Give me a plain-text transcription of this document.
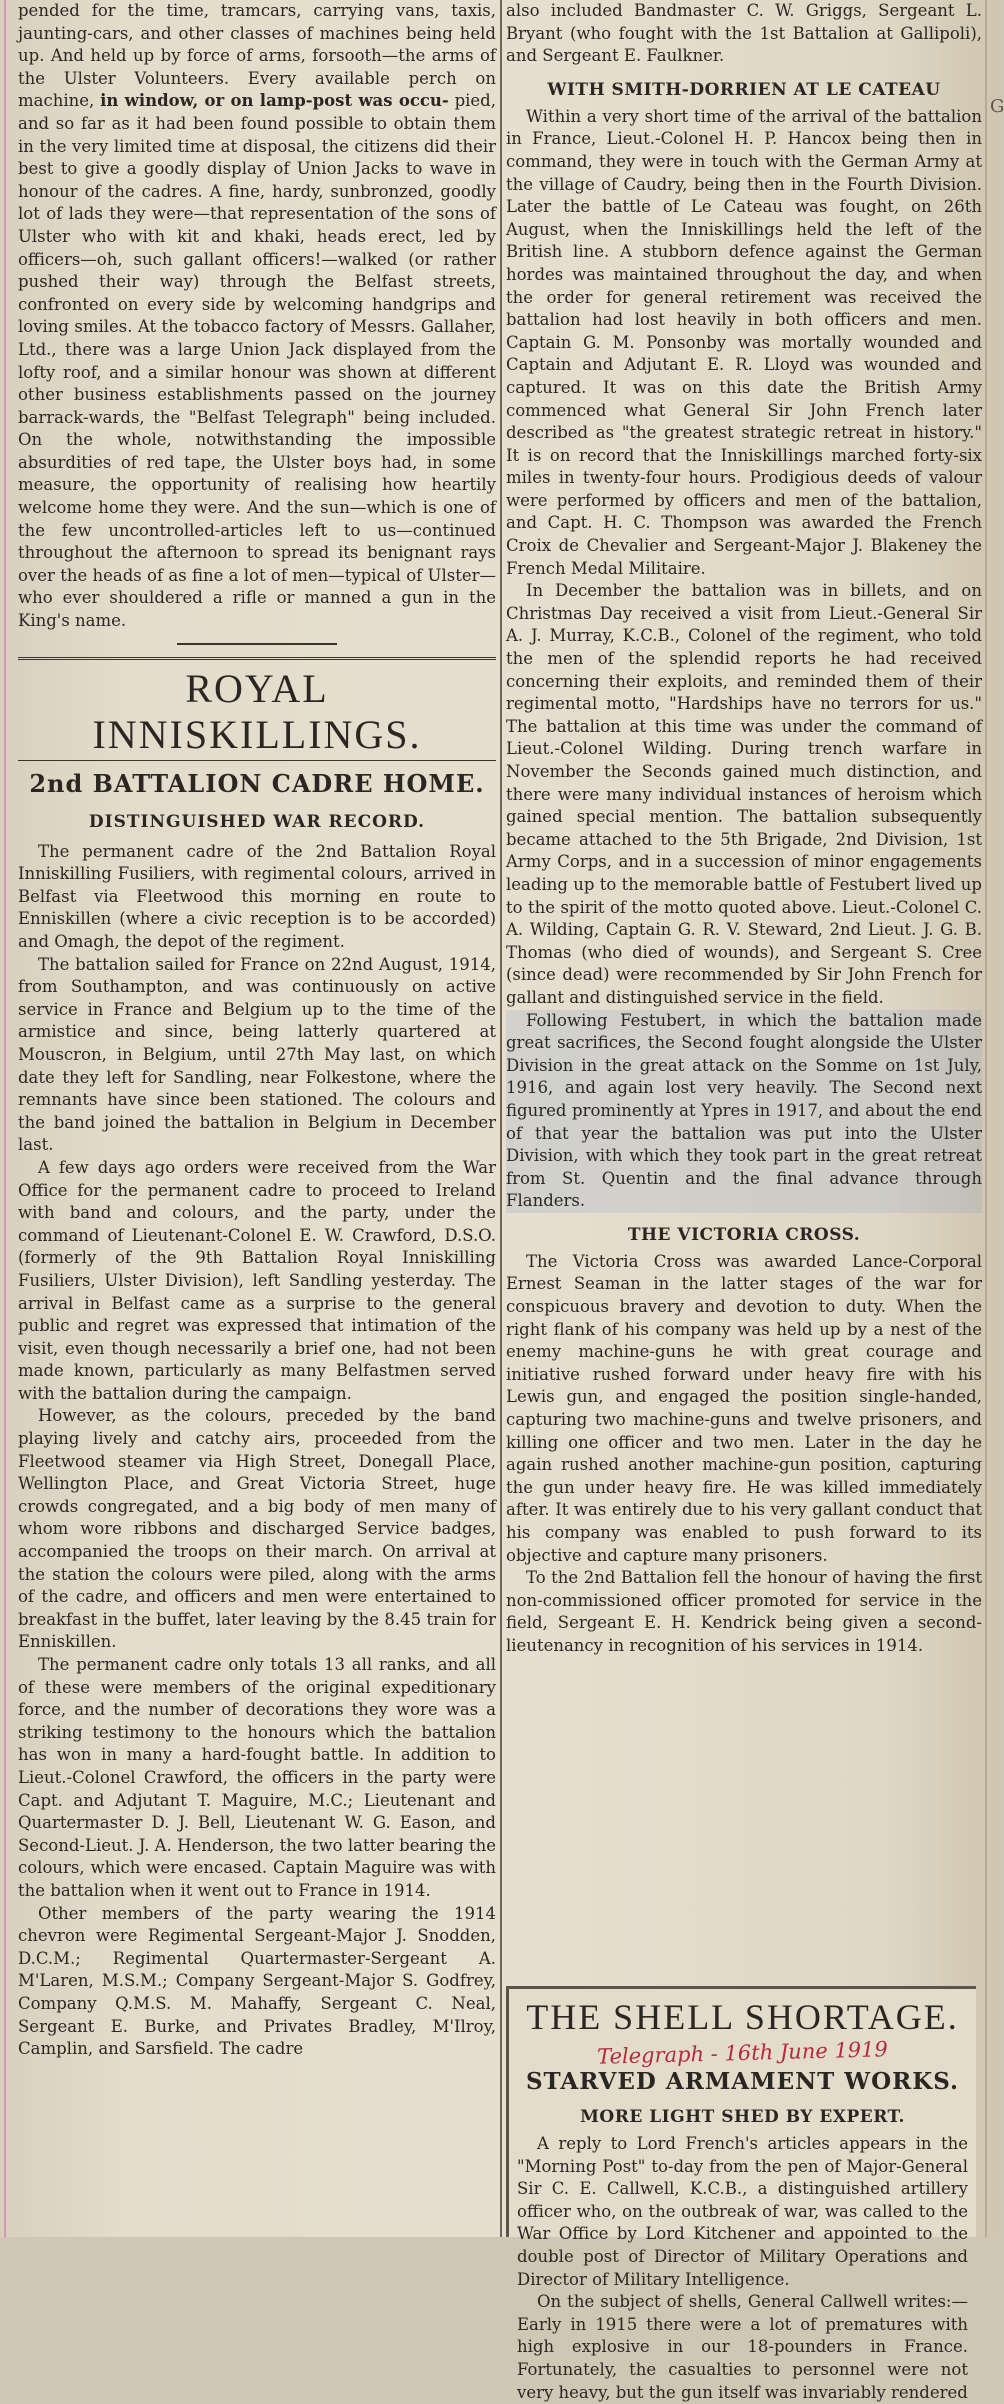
G

pended for the time, tramcars, carrying vans, taxis, jaunting-cars, and other classes of machines being held up. And held up by force of arms, forsooth—the arms of the Ulster Volunteers. Every available perch on machine, in window, or on lamp-post was occu- pied, and so far as it had been found possible to obtain them in the very limited time at disposal, the citizens did their best to give a goodly display of Union Jacks to wave in honour of the cadres. A fine, hardy, sunbronzed, goodly lot of lads they were—that representation of the sons of Ulster who with kit and khaki, heads erect, led by officers—oh, such gallant officers!—walked (or rather pushed their way) through the Belfast streets, confronted on every side by welcoming handgrips and loving smiles. At the tobacco factory of Messrs. Gallaher, Ltd., there was a large Union Jack displayed from the lofty roof, and a similar honour was shown at different other business establishments passed on the journey barrack-wards, the "Belfast Telegraph" being included. On the whole, notwithstanding the impossible absurdities of red tape, the Ulster boys had, in some measure, the opportunity of realising how heartily welcome home they were. And the sun—which is one of the few uncontrolled-articles left to us—continued throughout the afternoon to spread its benignant rays over the heads of as fine a lot of men—typical of Ulster—who ever shouldered a rifle or manned a gun in the King's name.

ROYAL INNISKILLINGS.
2nd BATTALION CADRE HOME.
DISTINGUISHED WAR RECORD.

The permanent cadre of the 2nd Battalion Royal Inniskilling Fusiliers, with regimental colours, arrived in Belfast via Fleetwood this morning en route to Enniskillen (where a civic reception is to be accorded) and Omagh, the depot of the regiment.

The battalion sailed for France on 22nd August, 1914, from Southampton, and was continuously on active service in France and Belgium up to the time of the armistice and since, being latterly quartered at Mouscron, in Belgium, until 27th May last, on which date they left for Sandling, near Folkestone, where the remnants have since been stationed. The colours and the band joined the battalion in Belgium in December last.

A few days ago orders were received from the War Office for the permanent cadre to proceed to Ireland with band and colours, and the party, under the command of Lieutenant-Colonel E. W. Crawford, D.S.O. (formerly of the 9th Battalion Royal Inniskilling Fusiliers, Ulster Division), left Sandling yesterday. The arrival in Belfast came as a surprise to the general public and regret was expressed that intimation of the visit, even though necessarily a brief one, had not been made known, particularly as many Belfastmen served with the battalion during the campaign.

However, as the colours, preceded by the band playing lively and catchy airs, proceeded from the Fleetwood steamer via High Street, Donegall Place, Wellington Place, and Great Victoria Street, huge crowds congregated, and a big body of men many of whom wore ribbons and discharged Service badges, accompanied the troops on their march. On arrival at the station the colours were piled, along with the arms of the cadre, and officers and men were entertained to breakfast in the buffet, later leaving by the 8.45 train for Enniskillen.

The permanent cadre only totals 13 all ranks, and all of these were members of the original expeditionary force, and the number of decorations they wore was a striking testimony to the honours which the battalion has won in many a hard-fought battle. In addition to Lieut.-Colonel Crawford, the officers in the party were Capt. and Adjutant T. Maguire, M.C.; Lieutenant and Quartermaster D. J. Bell, Lieutenant W. G. Eason, and Second-Lieut. J. A. Henderson, the two latter bearing the colours, which were encased. Captain Maguire was with the battalion when it went out to France in 1914.

Other members of the party wearing the 1914 chevron were Regimental Sergeant-Major J. Snodden, D.C.M.; Regimental Quartermaster-Sergeant A. M'Laren, M.S.M.; Company Sergeant-Major S. Godfrey, Company Q.M.S. M. Mahaffy, Sergeant C. Neal, Sergeant E. Burke, and Privates Bradley, M'Ilroy, Camplin, and Sarsfield. The cadre

also included Bandmaster C. W. Griggs, Sergeant L. Bryant (who fought with the 1st Battalion at Gallipoli), and Sergeant E. Faulkner.

WITH SMITH-DORRIEN AT LE CATEAU

Within a very short time of the arrival of the battalion in France, Lieut.-Colonel H. P. Hancox being then in command, they were in touch with the German Army at the village of Caudry, being then in the Fourth Division. Later the battle of Le Cateau was fought, on 26th August, when the Inniskillings held the left of the British line. A stubborn defence against the German hordes was maintained throughout the day, and when the order for general retirement was received the battalion had lost heavily in both officers and men. Captain G. M. Ponsonby was mortally wounded and Captain and Adjutant E. R. Lloyd was wounded and captured. It was on this date the British Army commenced what General Sir John French later described as "the greatest strategic retreat in history." It is on record that the Inniskillings marched forty-six miles in twenty-four hours. Prodigious deeds of valour were performed by officers and men of the battalion, and Capt. H. C. Thompson was awarded the French Croix de Chevalier and Sergeant-Major J. Blakeney the French Medal Militaire.

In December the battalion was in billets, and on Christmas Day received a visit from Lieut.-General Sir A. J. Murray, K.C.B., Colonel of the regiment, who told the men of the splendid reports he had received concerning their exploits, and reminded them of their regimental motto, "Hardships have no terrors for us." The battalion at this time was under the command of Lieut.-Colonel Wilding. During trench warfare in November the Seconds gained much distinction, and there were many individual instances of heroism which gained special mention. The battalion subsequently became attached to the 5th Brigade, 2nd Division, 1st Army Corps, and in a succession of minor engagements leading up to the memorable battle of Festubert lived up to the spirit of the motto quoted above. Lieut.-Colonel C. A. Wilding, Captain G. R. V. Steward, 2nd Lieut. J. G. B. Thomas (who died of wounds), and Sergeant S. Cree (since dead) were recommended by Sir John French for gallant and distinguished service in the field.

Following Festubert, in which the battalion made great sacrifices, the Second fought alongside the Ulster Division in the great attack on the Somme on 1st July, 1916, and again lost very heavily. The Second next figured prominently at Ypres in 1917, and about the end of that year the battalion was put into the Ulster Division, with which they took part in the great retreat from St. Quentin and the final advance through Flanders.

THE VICTORIA CROSS.

The Victoria Cross was awarded Lance-Corporal Ernest Seaman in the latter stages of the war for conspicuous bravery and devotion to duty. When the right flank of his company was held up by a nest of the enemy machine-guns he with great courage and initiative rushed forward under heavy fire with his Lewis gun, and engaged the position single-handed, capturing two machine-guns and twelve prisoners, and killing one officer and two men. Later in the day he again rushed another machine-gun position, capturing the gun under heavy fire. He was killed immediately after. It was entirely due to his very gallant conduct that his company was enabled to push forward to its objective and capture many prisoners.

To the 2nd Battalion fell the honour of having the first non-commissioned officer promoted for service in the field, Sergeant E. H. Kendrick being given a second-lieutenancy in recognition of his services in 1914.

THE SHELL SHORTAGE.
Telegraph - 16th June 1919
STARVED ARMAMENT WORKS.
MORE LIGHT SHED BY EXPERT.

A reply to Lord French's articles appears in the "Morning Post" to-day from the pen of Major-General Sir C. E. Callwell, K.C.B., a distinguished artillery officer who, on the outbreak of war, was called to the War Office by Lord Kitchener and appointed to the double post of Director of Military Operations and Director of Military Intelligence.

On the subject of shells, General Callwell writes:—Early in 1915 there were a lot of prematures with high explosive in our 18-pounders in France. Fortunately, the casualties to personnel were not very heavy, but the gun itself was invariably rendered
